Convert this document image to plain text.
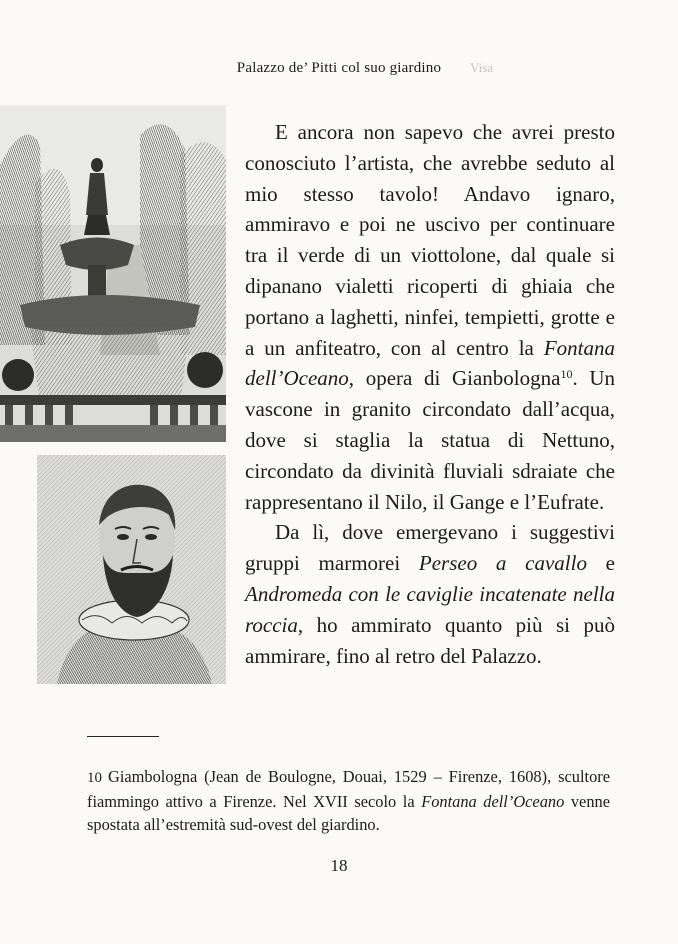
Palazzo de’ Pitti col suo giardino	Visa

E ancora non sapevo che avrei presto conosciuto l’artista, che avrebbe seduto al mio stesso tavolo! Andavo ignaro, ammiravo e poi ne uscivo per continuare tra il verde di un viottolone, dal quale si dipanano vialetti ricoperti di ghiaia che portano a laghetti, ninfei, tempietti, grotte e a un anfiteatro, con al centro la Fontana dell’Oceano, opera di Gianbologna$^{10}$. Un vascone in granito circondato dall’acqua, dove si staglia la statua di Nettuno, circondato da divinità fluviali sdraiate che rappresentano il Nilo, il Gange e l’Eufrate.

Da lì, dove emergevano i suggestivi gruppi marmorei Perseo a cavallo e Andromeda con le caviglie incatenate nella roccia, ho ammirato quanto più si può ammirare, fino al retro del Palazzo.

10 Giambologna (Jean de Boulogne, Douai, 1529 – Firenze, 1608), scultore fiammingo attivo a Firenze. Nel XVII secolo la Fontana dell’Oceano venne spostata all’estremità sud-ovest del giardino.
18
